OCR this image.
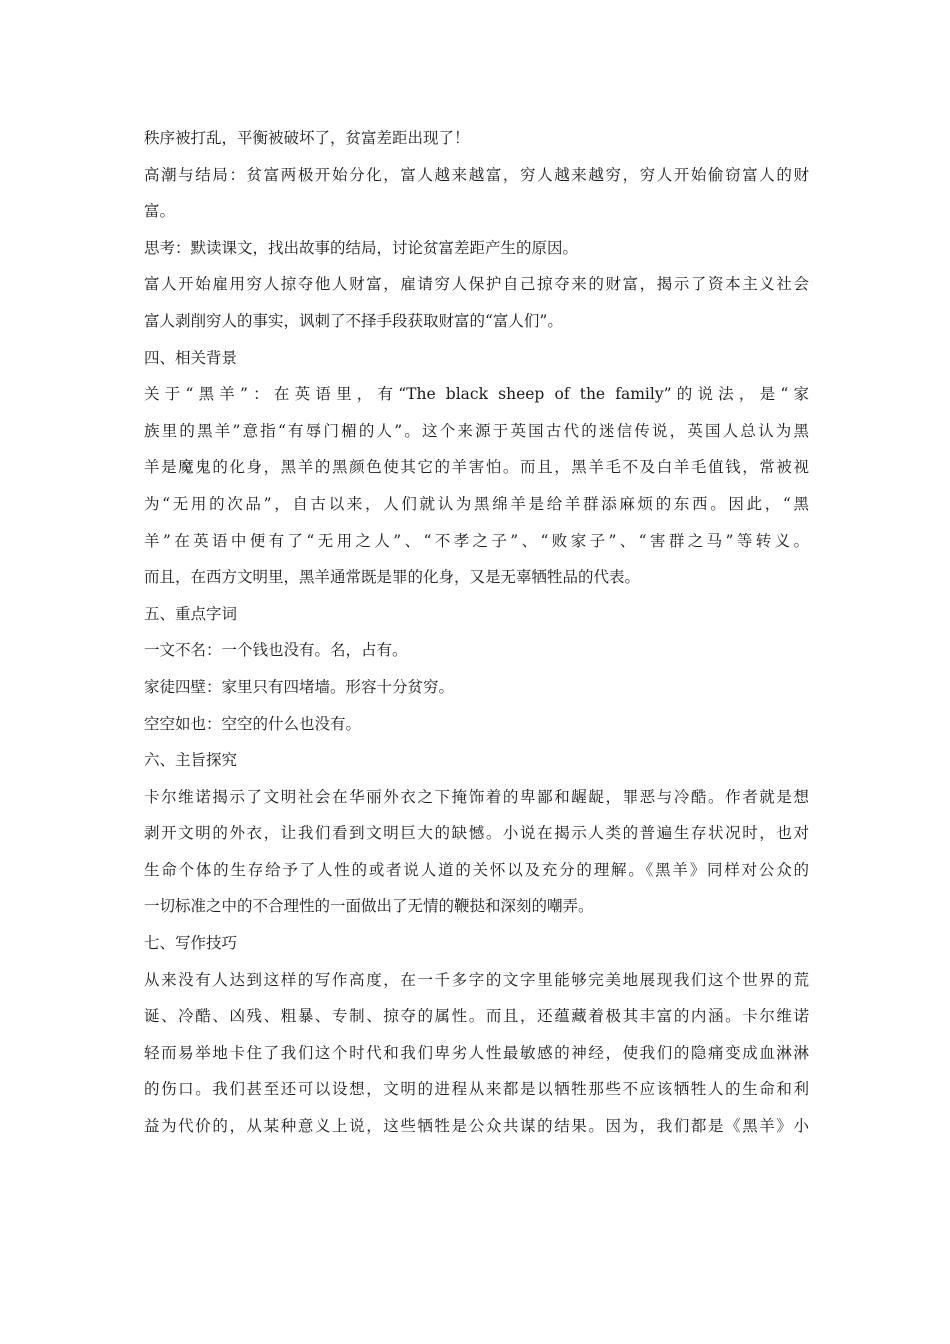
秩序被打乱，平衡被破坏了，贫富差距出现了！
高潮与结局：贫富两极开始分化，富人越来越富，穷人越来越穷，穷人开始偷窃富人的财
富。
思考：默读课文，找出故事的结局，讨论贫富差距产生的原因。
富人开始雇用穷人掠夺他人财富，雇请穷人保护自己掠夺来的财富，揭示了资本主义社会
富人剥削穷人的事实，讽刺了不择手段获取财富的“富人们”。
四、相关背景
关于“黑羊”：在英语里，有“The black sheep of the family”的说法，是“家
族里的黑羊”意指“有辱门楣的人”。这个来源于英国古代的迷信传说，英国人总认为黑
羊是魔鬼的化身，黑羊的黑颜色使其它的羊害怕。而且，黑羊毛不及白羊毛值钱，常被视
为“无用的次品”，自古以来，人们就认为黑绵羊是给羊群添麻烦的东西。因此，“黑
羊”在英语中便有了“无用之人”、“不孝之子”、“败家子”、“害群之马”等转义。
而且，在西方文明里，黑羊通常既是罪的化身，又是无辜牺牲品的代表。
五、重点字词
一文不名：一个钱也没有。名，占有。
家徒四壁：家里只有四堵墙。形容十分贫穷。
空空如也：空空的什么也没有。
六、主旨探究
卡尔维诺揭示了文明社会在华丽外衣之下掩饰着的卑鄙和龌龊，罪恶与冷酷。作者就是想
剥开文明的外衣，让我们看到文明巨大的缺憾。小说在揭示人类的普遍生存状况时，也对
生命个体的生存给予了人性的或者说人道的关怀以及充分的理解。《黑羊》同样对公众的
一切标准之中的不合理性的一面做出了无情的鞭挞和深刻的嘲弄。
七、写作技巧
从来没有人达到这样的写作高度，在一千多字的文字里能够完美地展现我们这个世界的荒
诞、冷酷、凶残、粗暴、专制、掠夺的属性。而且，还蕴藏着极其丰富的内涵。卡尔维诺
轻而易举地卡住了我们这个时代和我们卑劣人性最敏感的神经，使我们的隐痛变成血淋淋
的伤口。我们甚至还可以设想，文明的进程从来都是以牺牲那些不应该牺牲人的生命和利
益为代价的，从某种意义上说，这些牺牲是公众共谋的结果。因为，我们都是《黑羊》小
